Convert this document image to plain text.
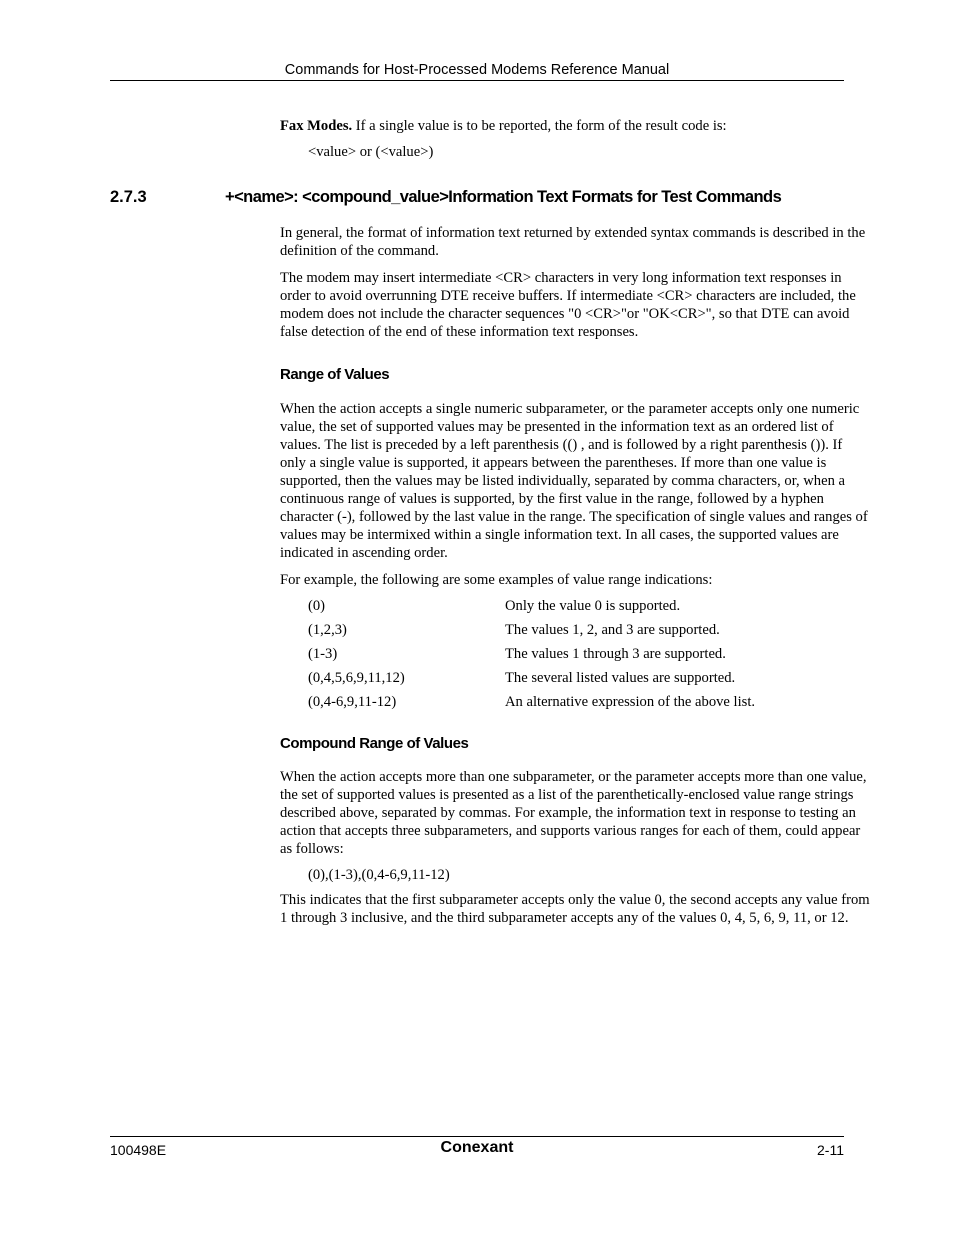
Commands for Host-Processed Modems Reference Manual

Fax Modes. If a single value is to be reported, the form of the result code is:

<value> or (<value>)
2.7.3	+<name>: <compound_value>Information Text Formats for Test Commands

In general, the format of information text returned by extended syntax commands is described in the definition of the command.

The modem may insert intermediate <CR> characters in very long information text responses in order to avoid overrunning DTE receive buffers. If intermediate <CR> characters are included, the modem does not include the character sequences "0 <CR>"or "OK<CR>", so that DTE can avoid false detection of the end of these information text responses.

Range of Values

When the action accepts a single numeric subparameter, or the parameter accepts only one numeric value, the set of supported values may be presented in the information text as an ordered list of values. The list is preceded by a left parenthesis (() , and is followed by a right parenthesis ()). If only a single value is supported, it appears between the parentheses. If more than one value is supported, then the values may be listed individually, separated by comma characters, or, when a continuous range of values is supported, by the first value in the range, followed by a hyphen character (-), followed by the last value in the range. The specification of single values and ranges of values may be intermixed within a single information text. In all cases, the supported values are indicated in ascending order.

For example, the following are some examples of value range indications:

(0)	Only the value 0 is supported.
(1,2,3)	The values 1, 2, and 3 are supported.
(1-3)	The values 1 through 3 are supported.
(0,4,5,6,9,11,12)	The several listed values are supported.
(0,4-6,9,11-12)	An alternative expression of the above list.
Compound Range of Values

When the action accepts more than one subparameter, or the parameter accepts more than one value, the set of supported values is presented as a list of the parenthetically-enclosed value range strings described above, separated by commas. For example, the information text in response to testing an action that accepts three subparameters, and supports various ranges for each of them, could appear as follows:

(0),(1-3),(0,4-6,9,11-12)

This indicates that the first subparameter accepts only the value 0, the second accepts any value from 1 through 3 inclusive, and the third subparameter accepts any of the values 0, 4, 5, 6, 9, 11, or 12.

100498E	Conexant	2-11
